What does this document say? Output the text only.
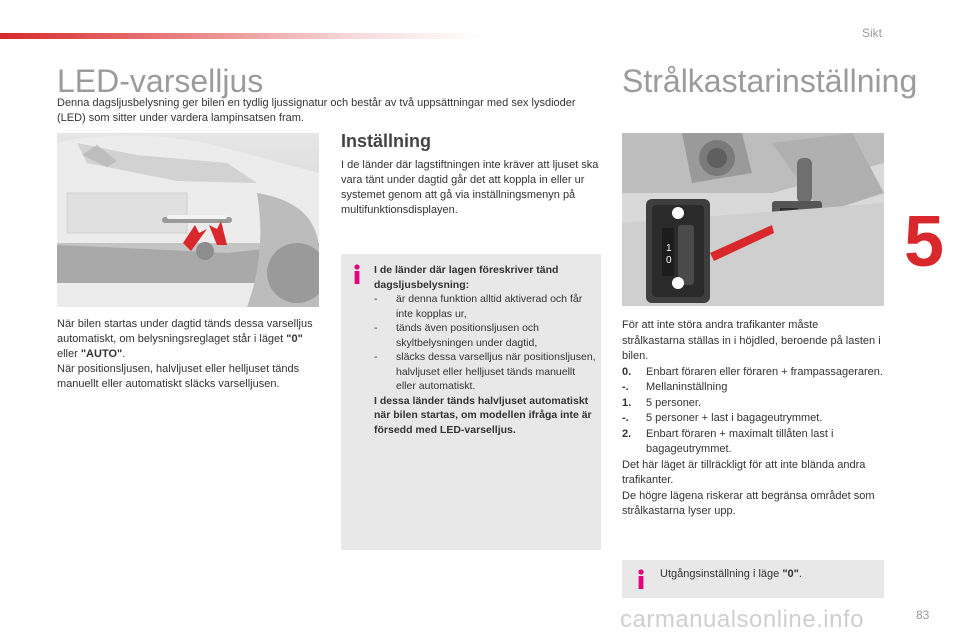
Sikt
5
LED-varselljus

Denna dagsljusbelysning ger bilen en tydlig ljussignatur och består av två uppsättningar med sex lysdioder (LED) som sitter under vardera lampinsatsen fram.

När bilen startas under dagtid tänds dessa varselljus automatiskt, om belysningsreglaget står i läget "0" eller "AUTO".
När positionsljusen, halvljuset eller helljuset tänds manuellt eller automatiskt släcks varselljusen.

Inställning

I de länder där lagstiftningen inte kräver att ljuset ska vara tänt under dagtid går det att koppla in eller ur systemet genom att gå via inställningsmenyn på multifunktionsdisplayen.

I de länder där lagen föreskriver tänd dagsljusbelysning:
- är denna funktion alltid aktiverad och får inte kopplas ur,
- tänds även positionsljusen och skyltbelysningen under dagtid,
- släcks dessa varselljus när positionsljusen, halvljuset eller helljuset tänds manuellt eller automatiskt.
I dessa länder tänds halvljuset automatiskt när bilen startas, om modellen ifråga inte är försedd med LED-varselljus.
Strålkastarinställning
1
0
För att inte störa andra trafikanter måste strålkastarna ställas in i höjdled, beroende på lasten i bilen.
0. Enbart föraren eller föraren + frampassageraren.
-. Mellaninställning
1. 5 personer.
-. 5 personer + last i bagageutrymmet.
2. Enbart föraren + maximalt tillåten last i bagageutrymmet.
Det här läget är tillräckligt för att inte blända andra trafikanter.
De högre lägena riskerar att begränsa området som strålkastarna lyser upp.
Utgångsinställning i läge "0".
carmanualsonline.info	83
